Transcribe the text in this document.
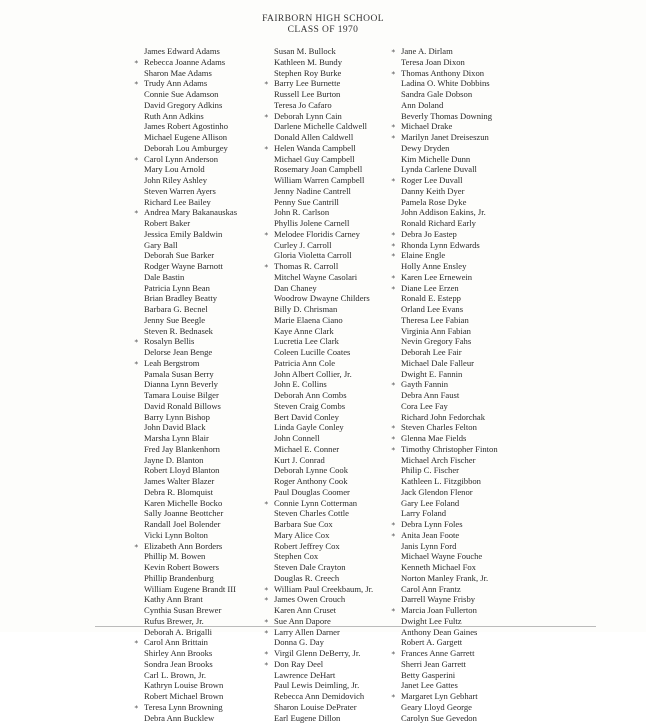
FAIRBORN HIGH SCHOOL
CLASS OF 1970
James Edward Adams
∗ Rebecca Joanne Adams
Sharon Mae Adams
∗ Trudy Ann Adams
Connie Sue Adamson
David Gregory Adkins
Ruth Ann Adkins
James Robert Agostinho
Michael Eugene Allison
Deborah Lou Amburgey
∗ Carol Lynn Anderson
Mary Lou Arnold
John Riley Ashley
Steven Warren Ayers
Richard Lee Bailey
∗ Andrea Mary Bakanauskas
Robert Baker
Jessica Emily Baldwin
Gary Ball
Deborah Sue Barker
Rodger Wayne Barnott
Dale Bastin
Patricia Lynn Bean
Brian Bradley Beatty
Barbara G. Becnel
Jenny Sue Beegle
Steven R. Bednasek
∗ Rosalyn Bellis
Delorse Jean Benge
∗ Leah Bergstrom
Pamala Susan Berry
Dianna Lynn Beverly
Tamara Louise Bilger
David Ronald Billows
Barry Lynn Bishop
John David Black
Marsha Lynn Blair
Fred Jay Blankenhorn
Jayne D. Blanton
Robert Lloyd Blanton
James Walter Blazer
Debra R. Blomquist
Karen Michelle Bocko
Sally Joanne Beottcher
Randall Joel Bolender
Vicki Lynn Bolton
∗ Elizabeth Ann Borders
Phillip M. Bowen
Kevin Robert Bowers
Phillip Brandenburg
William Eugene Brandt III
Kathy Ann Brant
Cynthia Susan Brewer
Rufus Brewer, Jr.
Deborah A. Brigalli
∗ Carol Ann Brittain
Shirley Ann Brooks
Sondra Jean Brooks
Carl L. Brown, Jr.
Kathryn Louise Brown
Robert Michael Brown
∗ Teresa Lynn Browning
Debra Ann Bucklew
Susan M. Bullock
Kathleen M. Bundy
Stephen Roy Burke
∗ Barry Lee Burnette
Russell Lee Burton
Teresa Jo Cafaro
∗ Deborah Lynn Cain
Darlene Michelle Caldwell
Donald Allen Caldwell
∗ Helen Wanda Campbell
Michael Guy Campbell
Rosemary Joan Campbell
William Warren Campbell
Jenny Nadine Cantrell
Penny Sue Cantrill
John R. Carlson
Phyllis Jolene Carnell
∗ Melodee Floridis Carney
Curley J. Carroll
Gloria Violetta Carroll
∗ Thomas R. Carroll
Mitchel Wayne Casolari
Dan Chaney
Woodrow Dwayne Childers
Billy D. Chrisman
Marie Elaena Ciano
Kaye Anne Clark
Lucretia Lee Clark
Coleen Lucille Coates
Patricia Ann Cole
John Albert Collier, Jr.
John E. Collins
Deborah Ann Combs
Steven Craig Combs
Bert David Conley
Linda Gayle Conley
John Connell
Michael E. Conner
Kurt J. Conrad
Deborah Lynne Cook
Roger Anthony Cook
Paul Douglas Coomer
∗ Connie Lynn Cotterman
Steven Charles Cottle
Barbara Sue Cox
Mary Alice Cox
Robert Jeffrey Cox
Stephen Cox
Steven Dale Crayton
Douglas R. Creech
∗ William Paul Creekbaum, Jr.
∗ James Owen Crouch
Karen Ann Cruset
∗ Sue Ann Dapore
∗ Larry Allen Darner
Donna G. Day
∗ Virgil Glenn DeBerry, Jr.
∗ Don Ray Deel
Lawrence DeHart
Paul Lewis Deimling, Jr.
Rebecca Ann Demidovich
Sharon Louise DePrater
Earl Eugene Dillon
∗ Jane A. Dirlam
Teresa Joan Dixon
∗ Thomas Anthony Dixon
Ladina O. White Dobbins
Sandra Gale Dobson
Ann Doland
Beverly Thomas Downing
∗ Michael Drake
∗ Marilyn Janet Dreiseszun
Dewy Dryden
Kim Michelle Dunn
Lynda Carlene Duvall
∗ Roger Lee Duvall
Danny Keith Dyer
Pamela Rose Dyke
John Addison Eakins, Jr.
Ronald Richard Early
∗ Debra Jo Eastep
∗ Rhonda Lynn Edwards
∗ Elaine Engle
Holly Anne Ensley
∗ Karen Lee Ernewein
∗ Diane Lee Erzen
Ronald E. Estepp
Orland Lee Evans
Theresa Lee Fabian
Virginia Ann Fabian
Nevin Gregory Fahs
Deborah Lee Fair
Michael Dale Falleur
Dwight E. Fannin
∗ Gayth Fannin
Debra Ann Faust
Cora Lee Fay
Richard John Fedorchak
∗ Steven Charles Felton
∗ Glenna Mae Fields
∗ Timothy Christopher Finton
Michael Arch Fischer
Philip C. Fischer
Kathleen L. Fitzgibbon
Jack Glendon Flenor
Gary Lee Foland
Larry Foland
∗ Debra Lynn Foles
∗ Anita Jean Foote
Janis Lynn Ford
Michael Wayne Fouche
Kenneth Michael Fox
Norton Manley Frank, Jr.
Carol Ann Frantz
Darrell Wayne Frisby
∗ Marcia Joan Fullerton
Dwight Lee Fultz
Anthony Dean Gaines
Robert A. Gargett
∗ Frances Anne Garrett
Sherri Jean Garrett
Betty Gasperini
Janet Lee Gattes
∗ Margaret Lyn Gebhart
Geary Lloyd George
Carolyn Sue Gevedon
